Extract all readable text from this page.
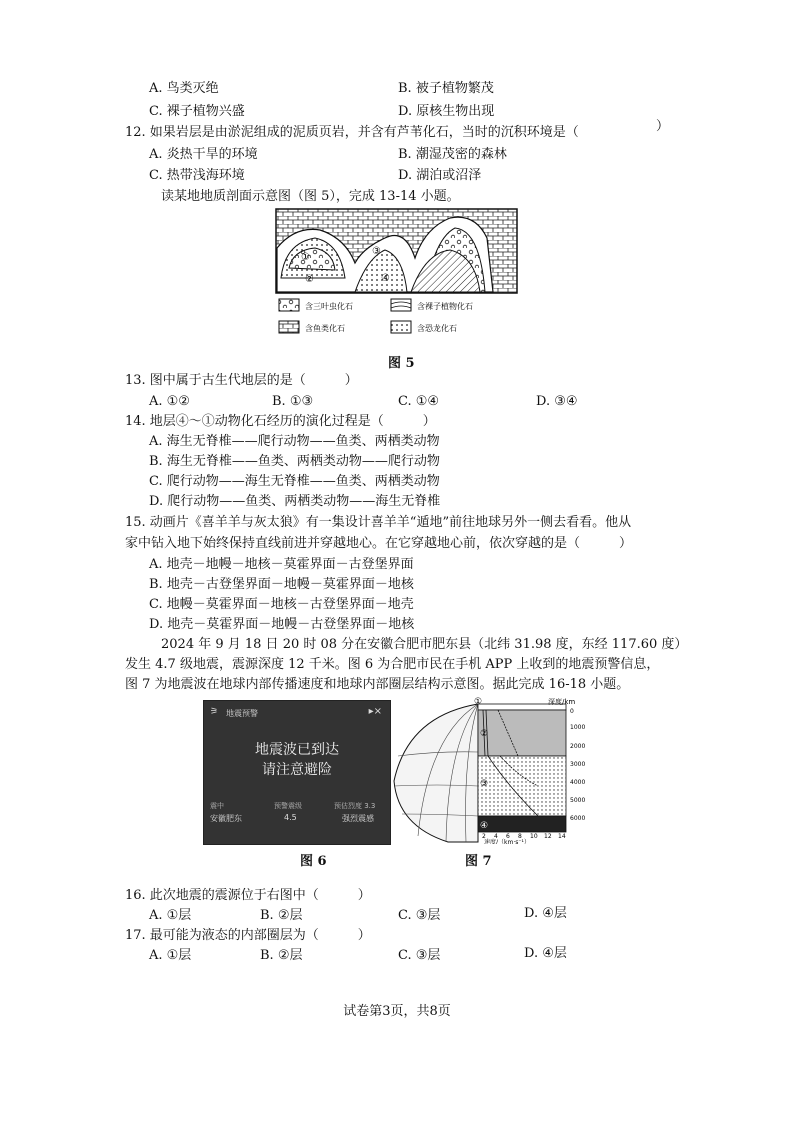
A. 鸟类灭绝	B. 被子植物繁茂
C. 裸子植物兴盛	D. 原核生物出现
12. 如果岩层是由淤泥组成的泥质页岩，并含有芦苇化石，当时的沉积环境是（	）
A. 炎热干旱的环境	B. 潮湿茂密的森林
C. 热带浅海环境	D. 湖泊或沼泽
读某地地质剖面示意图（图 5），完成 13-14 小题。
①
②
③
④
含三叶虫化石	含裸子植物化石
含鱼类化石	含恐龙化石
图 5
13. 图中属于古生代地层的是（　　　）
A. ①②	B. ①③	C. ①④	D. ③④
14. 地层④～①动物化石经历的演化过程是（　　　）
A. 海生无脊椎——爬行动物——鱼类、两栖类动物
B. 海生无脊椎——鱼类、两栖类动物——爬行动物
C. 爬行动物——海生无脊椎——鱼类、两栖类动物
D. 爬行动物——鱼类、两栖类动物——海生无脊椎
15. 动画片《喜羊羊与灰太狼》有一集设计喜羊羊“遁地”前往地球另外一侧去看看。他从
家中钻入地下始终保持直线前进并穿越地心。在它穿越地心前，依次穿越的是（　　　）
A. 地壳－地幔－地核－莫霍界面－古登堡界面
B. 地壳－古登堡界面－地幔－莫霍界面－地核
C. 地幔－莫霍界面－地核－古登堡界面－地壳
D. 地壳－莫霍界面－地幔－古登堡界面－地核
2024 年 9 月 18 日 20 时 08 分在安徽合肥市肥东县（北纬 31.98 度，东经 117.60 度）
发生 4.7 级地震，震源深度 12 千米。图 6 为合肥市民在手机 APP 上收到的地震预警信息，
图 7 为地震波在地球内部传播速度和地球内部圈层结构示意图。据此完成 16-18 小题。
⚞ 地震预警	▸×
地震波已到达
请注意避险
震中
安徽肥东
预警震级
4.5
预估烈度 3.3
强烈震感
①
②
③
④
深度/km
0
1000
2000
3000
4000
5000
6000
2 4 6 8 10 12 14
速度/（km·s⁻¹）
图 6	图 7
16. 此次地震的震源位于右图中（　　　）
A. ①层	B. ②层	C. ③层	D. ④层
17. 最可能为液态的内部圈层为（　　　）
A. ①层	B. ②层	C. ③层	D. ④层
试卷第3页，共8页
